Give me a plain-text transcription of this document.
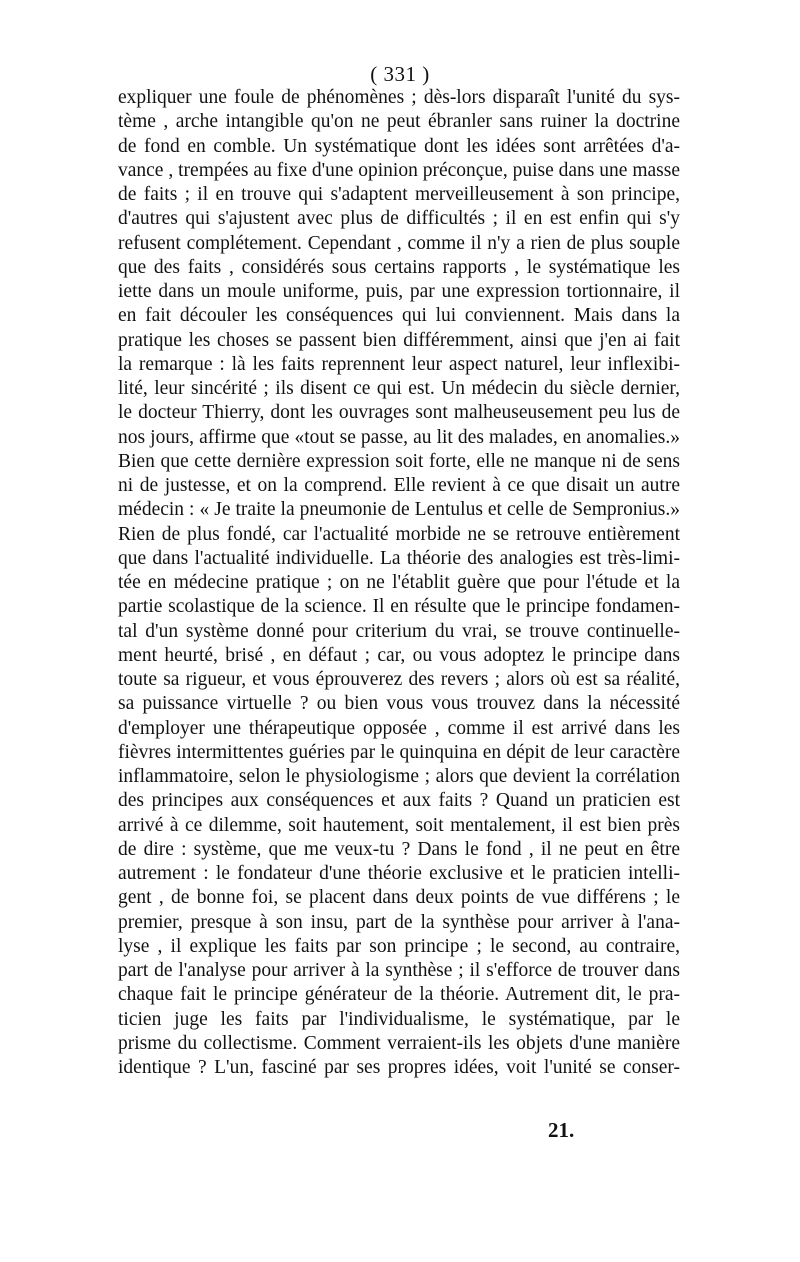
( 331 )
expliquer une foule de phénomènes ; dès-lors disparaît l'unité du sys-
tème , arche intangible qu'on ne peut ébranler sans ruiner la doctrine
de fond en comble. Un systématique dont les idées sont arrêtées d'a-
vance , trempées au fixe d'une opinion préconçue, puise dans une masse
de faits ; il en trouve qui s'adaptent merveilleusement à son principe,
d'autres qui s'ajustent avec plus de difficultés ; il en est enfin qui s'y
refusent complétement. Cependant , comme il n'y a rien de plus souple
que des faits , considérés sous certains rapports , le systématique les
iette dans un moule uniforme, puis, par une expression tortionnaire, il
en fait découler les conséquences qui lui conviennent. Mais dans la
pratique les choses se passent bien différemment, ainsi que j'en ai fait
la remarque : là les faits reprennent leur aspect naturel, leur inflexibi-
lité, leur sincérité ; ils disent ce qui est. Un médecin du siècle dernier,
le docteur Thierry, dont les ouvrages sont malheuseusement peu lus de
nos jours, affirme que «tout se passe, au lit des malades, en anomalies.»
Bien que cette dernière expression soit forte, elle ne manque ni de sens
ni de justesse, et on la comprend. Elle revient à ce que disait un autre
médecin : « Je traite la pneumonie de Lentulus et celle de Sempronius.»
Rien de plus fondé, car l'actualité morbide ne se retrouve entièrement
que dans l'actualité individuelle. La théorie des analogies est très-limi-
tée en médecine pratique ; on ne l'établit guère que pour l'étude et la
partie scolastique de la science. Il en résulte que le principe fondamen-
tal d'un système donné pour criterium du vrai, se trouve continuelle-
ment heurté, brisé , en défaut ; car, ou vous adoptez le principe dans
toute sa rigueur, et vous éprouverez des revers ; alors où est sa réalité,
sa puissance virtuelle ? ou bien vous vous trouvez dans la nécessité
d'employer une thérapeutique opposée , comme il est arrivé dans les
fièvres intermittentes guéries par le quinquina en dépit de leur caractère
inflammatoire, selon le physiologisme ; alors que devient la corrélation
des principes aux conséquences et aux faits ? Quand un praticien est
arrivé à ce dilemme, soit hautement, soit mentalement, il est bien près
de dire : système, que me veux-tu ? Dans le fond , il ne peut en être
autrement : le fondateur d'une théorie exclusive et le praticien intelli-
gent , de bonne foi, se placent dans deux points de vue différens ; le
premier, presque à son insu, part de la synthèse pour arriver à l'ana-
lyse , il explique les faits par son principe ; le second, au contraire,
part de l'analyse pour arriver à la synthèse ; il s'efforce de trouver dans
chaque fait le principe générateur de la théorie. Autrement dit, le pra-
ticien juge les faits par l'individualisme, le systématique, par le
prisme du collectisme. Comment verraient-ils les objets d'une manière
identique ? L'un, fasciné par ses propres idées, voit l'unité se conser-
21.
